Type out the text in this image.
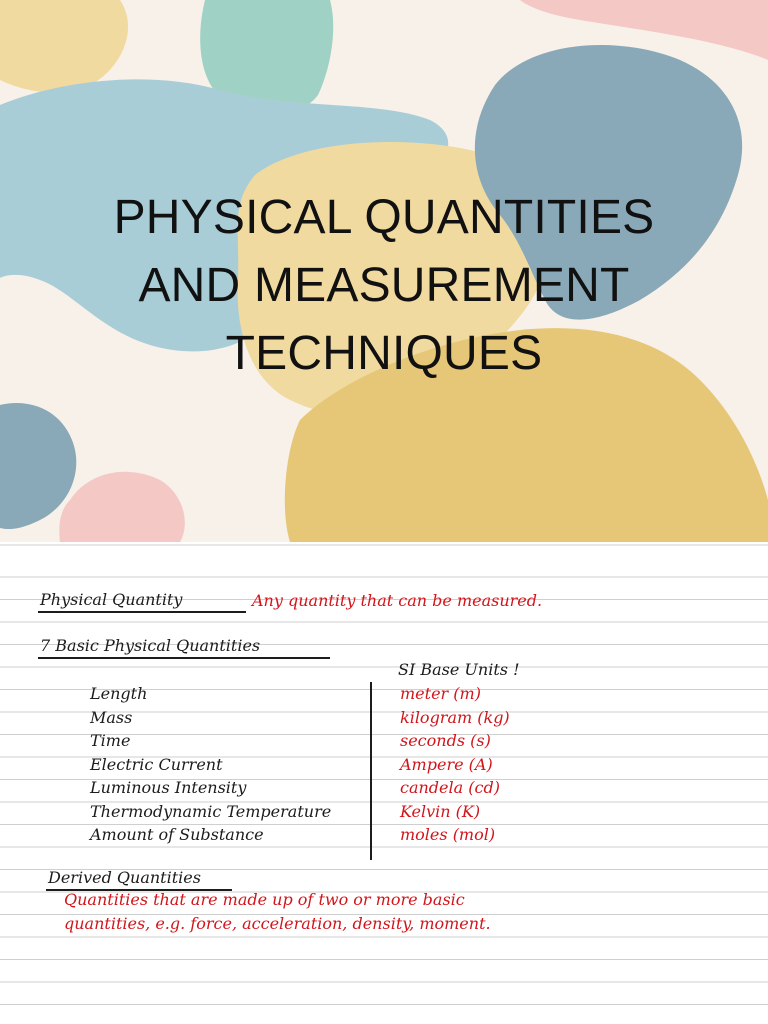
PHYSICAL QUANTITIES
AND MEASUREMENT
TECHNIQUES
Physical Quantity	Any quantity that can be measured.
7 Basic Physical Quantities
SI Base Units !
Length
Mass
Time
Electric Current
Luminous Intensity
Thermodynamic Temperature
Amount of Substance
meter (m)
kilogram (kg)
seconds (s)
Ampere (A)
candela (cd)
Kelvin (K)
moles (mol)
Derived Quantities
Quantities that are made up of two or more basic
quantities, e.g. force, acceleration, density, moment.
